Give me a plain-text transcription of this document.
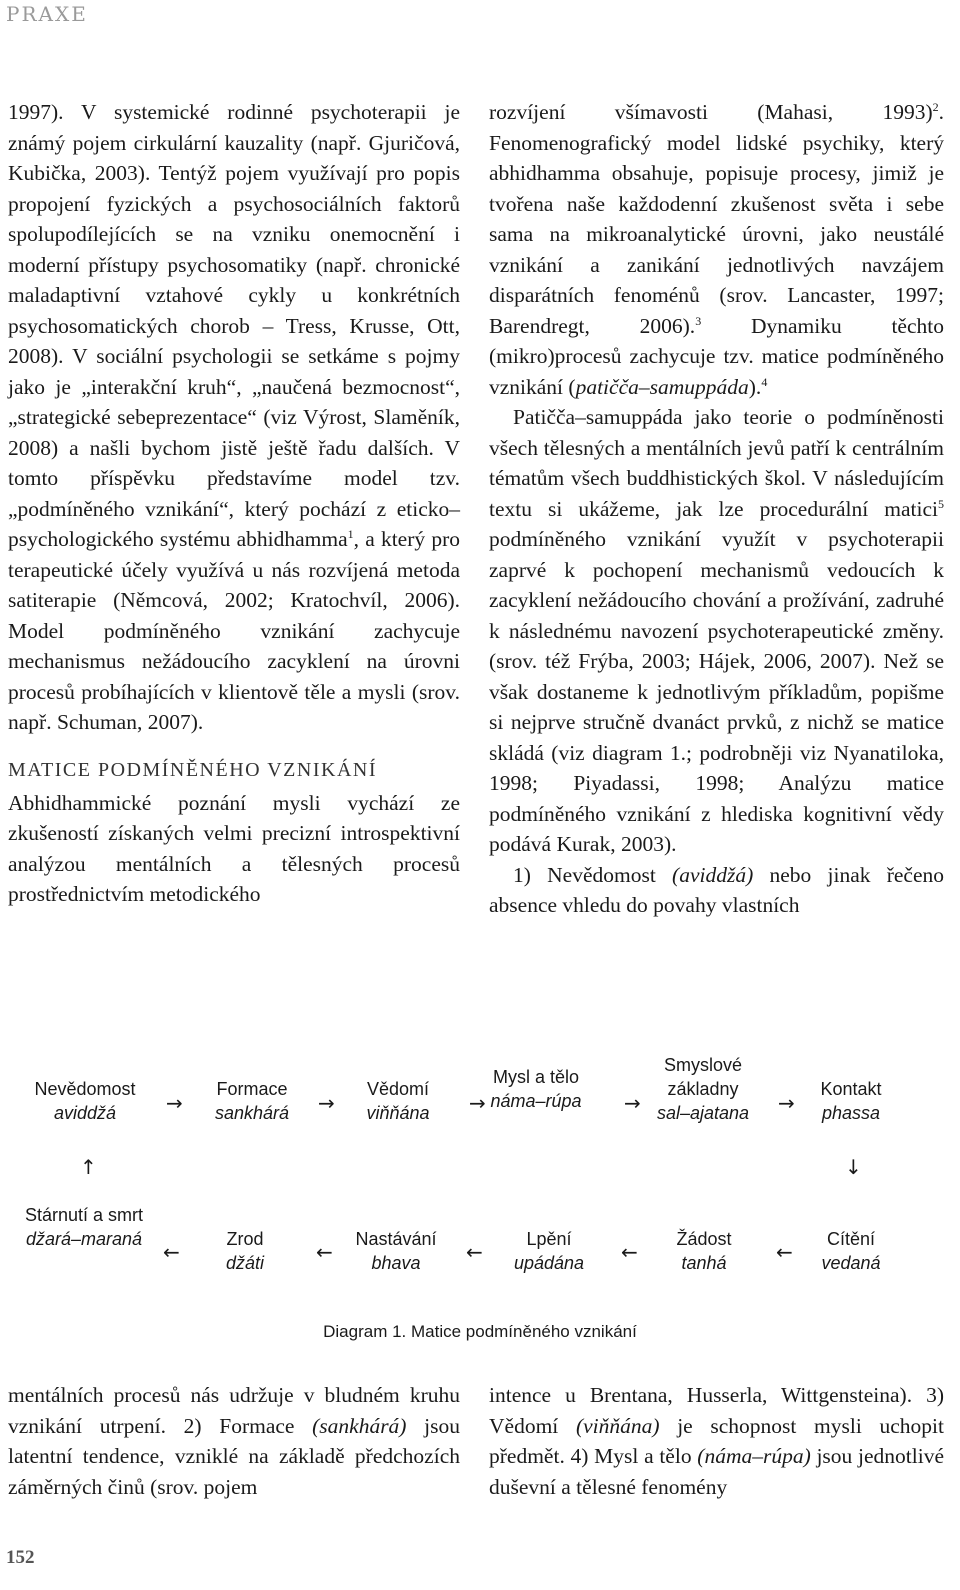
PRAXE

1997). V systemické rodinné psychoterapii je známý pojem cirkulární kauzality (např. Gjuričová, Kubička, 2003). Tentýž pojem využívají pro popis propojení fyzických a psychosociálních faktorů spolupodílejících se na vzniku onemocnění i moderní přístupy psychosomatiky (např. chronické maladaptivní vztahové cykly u konkrétních psychosomatických chorob – Tress, Krusse, Ott, 2008). V sociální psychologii se setkáme s pojmy jako je „interakční kruh“, „naučená bezmocnost“, „strategické sebeprezentace“ (viz Výrost, Slaměník, 2008) a našli bychom jistě ještě řadu dalších. V tomto příspěvku představíme model tzv. „podmíněného vznikání“, který pochází z eticko–psychologického systému abhidhamma$^1$, a který pro terapeutické účely využívá u nás rozvíjená metoda satiterapie (Němcová, 2002; Kratochvíl, 2006). Model podmíněného vznikání zachycuje mechanismus nežádoucího zacyklení na úrovni procesů probíhajících v klientově těle a mysli (srov. např. Schuman, 2007).

MATICE PODMÍNĚNÉHO VZNIKÁNÍ

Abhidhammické poznání mysli vychází ze zkušeností získaných velmi precizní introspektivní analýzou mentálních a tělesných procesů prostřednictvím metodického

rozvíjení všímavosti (Mahasi, 1993)$^2$. Fenomenografický model lidské psychiky, který abhidhamma obsahuje, popisuje procesy, jimiž je tvořena naše každodenní zkušenost světa i sebe sama na mikroanalytické úrovni, jako neustálé vznikání a zanikání jednotlivých navzájem disparátních fenoménů (srov. Lancaster, 1997; Barendregt, 2006).$^3$ Dynamiku těchto (mikro)procesů zachycuje tzv. matice podmíněného vznikání (patičča–samuppáda).$^4$

Patičča–samuppáda jako teorie o podmíněnosti všech tělesných a mentálních jevů patří k centrálním tématům všech buddhistických škol. V následujícím textu si ukážeme, jak lze procedurální matici$^5$ podmíněného vznikání využít v psychoterapii zaprvé k pochopení mechanismů vedoucích k zacyklení nežádoucího chování a prožívání, zadruhé k následnému navození psychoterapeutické změny. (srov. též Frýba, 2003; Hájek, 2006, 2007). Než se však dostaneme k jednotlivým příkladům, popišme si nejprve stručně dvanáct prvků, z nichž se matice skládá (viz diagram 1.; podrobněji viz Nyanatiloka, 1998; Piyadassi, 1998; Analýzu matice podmíněného vznikání z hlediska kognitivní vědy podává Kurak, 2003).

1) Nevědomost (aviddžá) nebo jinak řečeno absence vhledu do povahy vlastních

Nevědomost
aviddžá
Formace
sankhárá
Vědomí
viňňána
Mysl a tělo
náma–rúpa
Smyslové základny
sal–ajatana
Kontakt
phassa
→	→	→	→	→
↑	↓
Stárnutí a smrt
džará–maraná	Zrod
džáti
Nastávání
bhava
Lpění
upádána
Žádost
tanhá
Cítění
vedaná
←	←	←	←	←
Diagram 1. Matice podmíněného vznikání

mentálních procesů nás udržuje v bludném kruhu vznikání utrpení. 2) Formace (sankhárá) jsou latentní tendence, vzniklé na základě předchozích záměrných činů (srov. pojem

intence u Brentana, Husserla, Wittgensteina). 3) Vědomí (viňňána) je schopnost mysli uchopit předmět. 4) Mysl a tělo (náma–rúpa) jsou jednotlivé duševní a tělesné fenomény

152
